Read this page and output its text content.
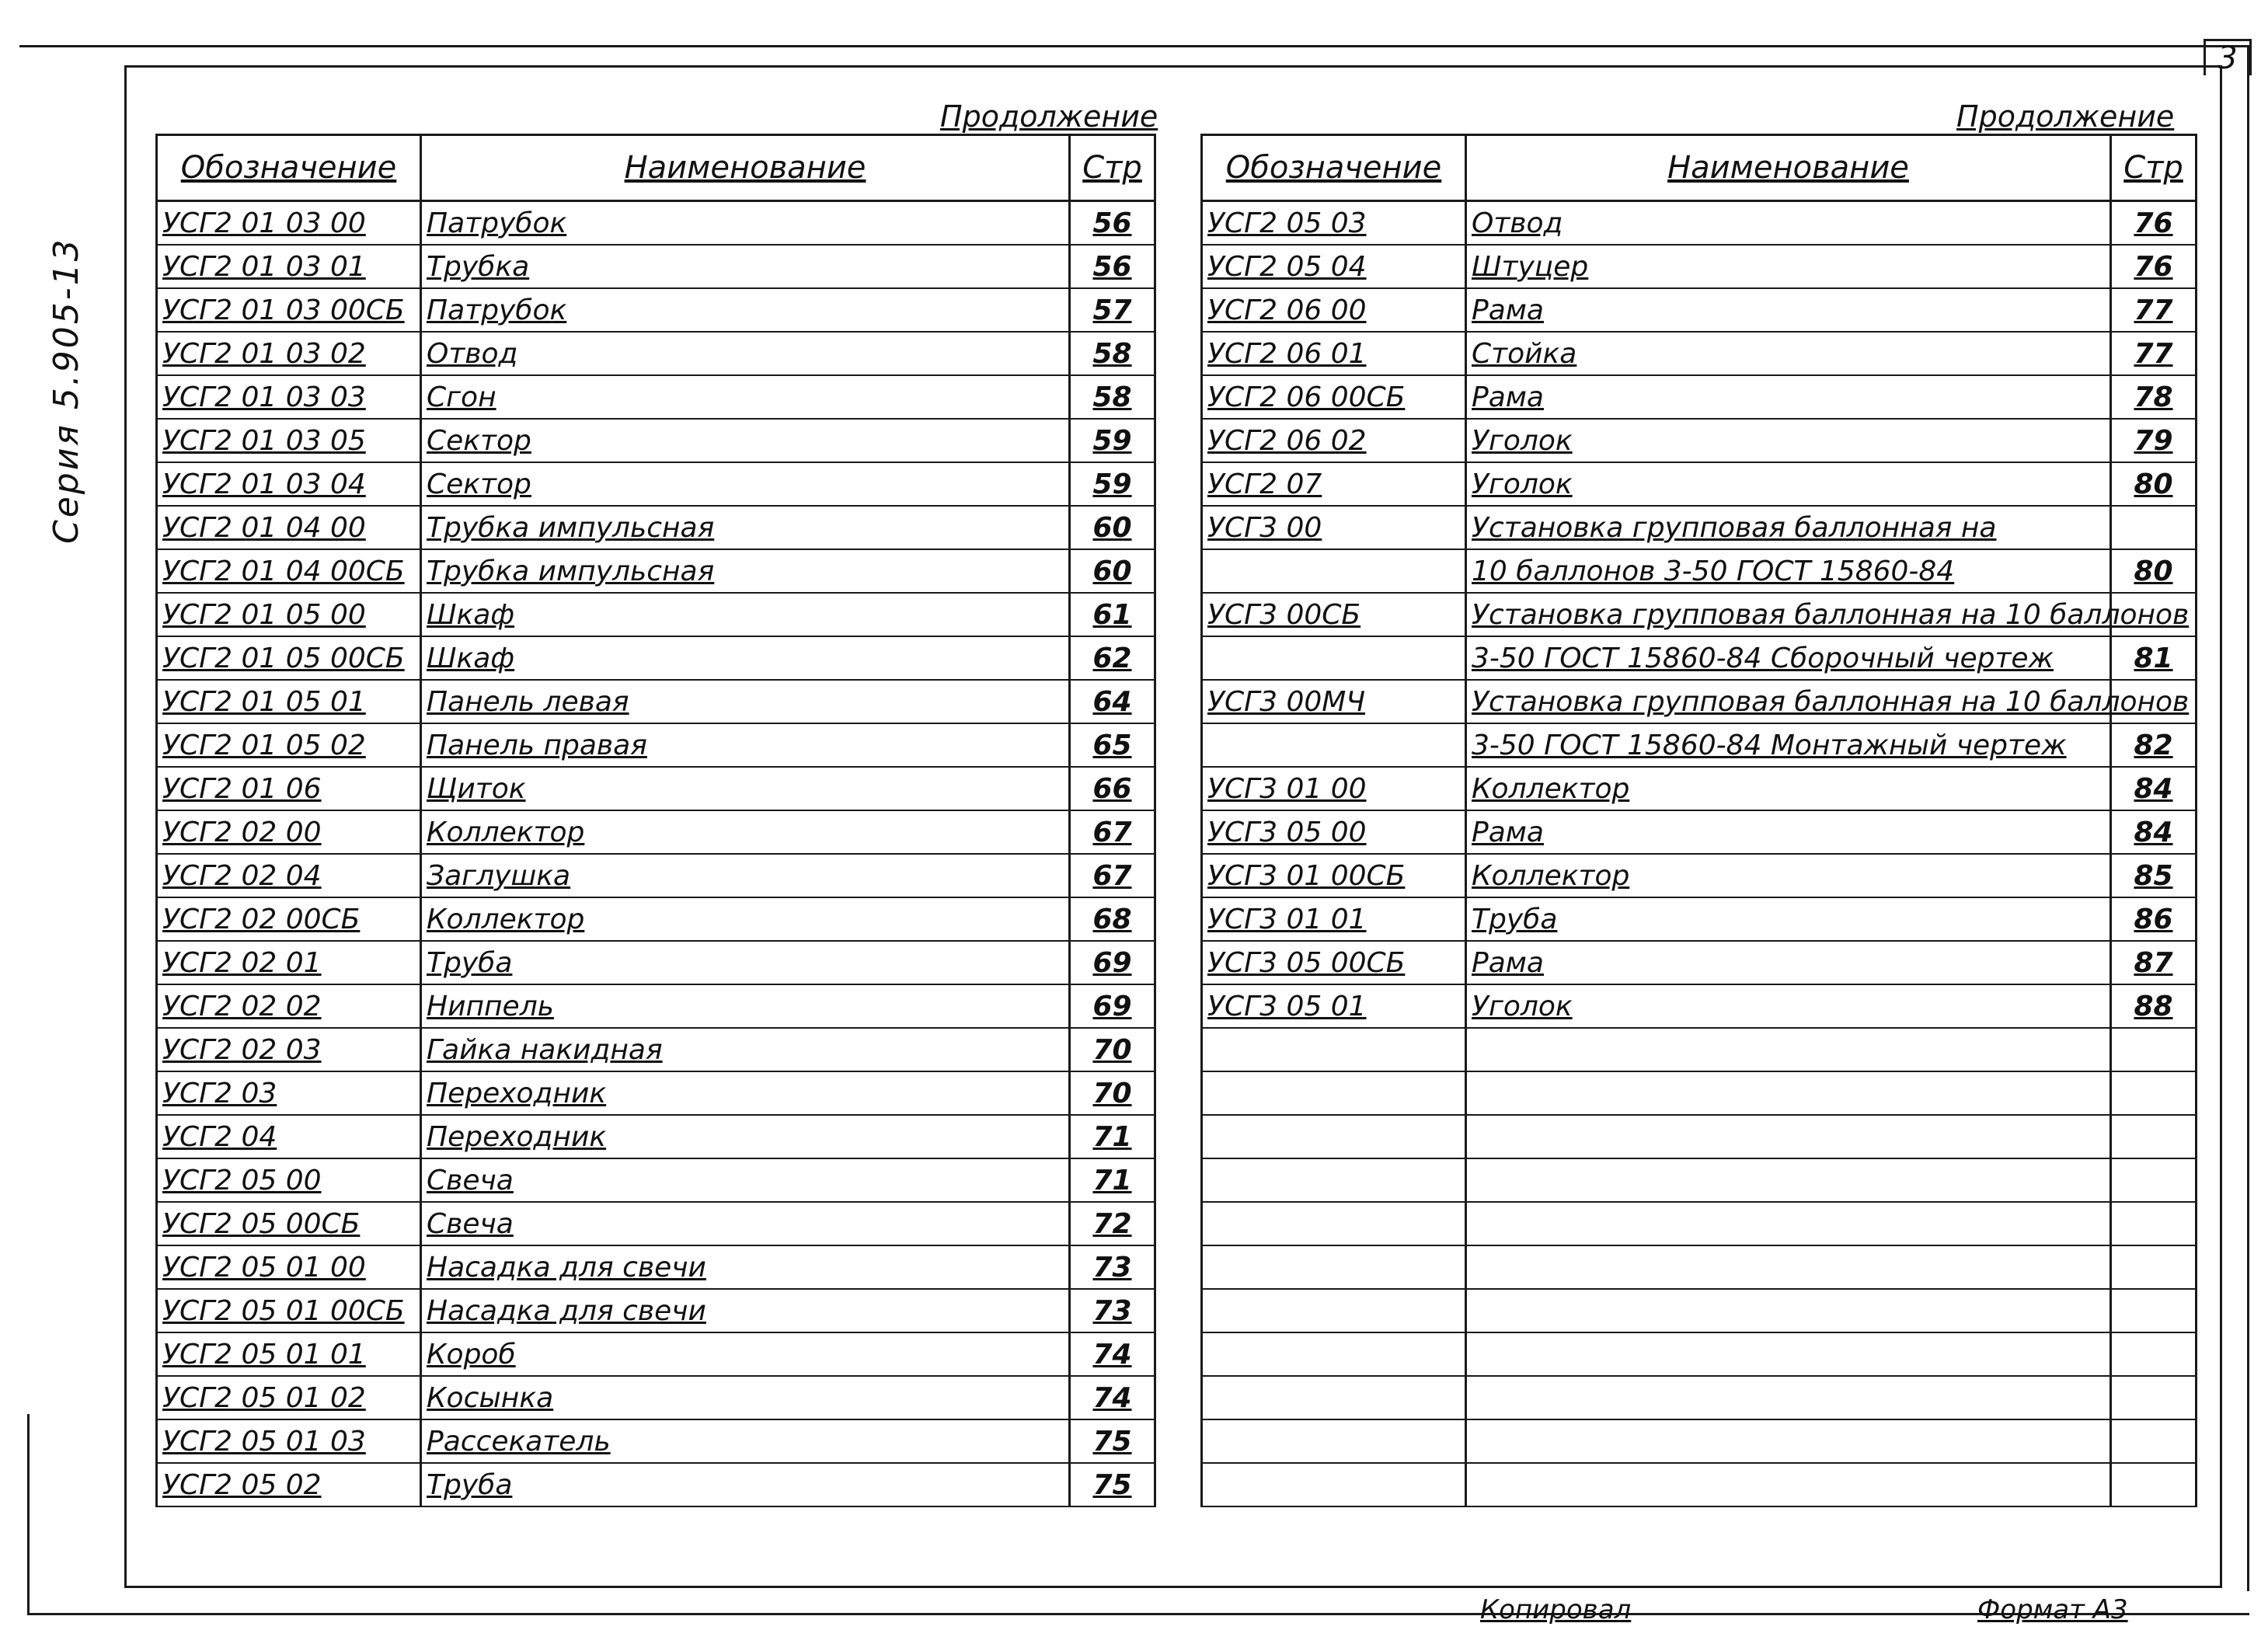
3
Серия 5.905-13
Продолжение	Продолжение
Обозначение	Наименование	Стр
УСГ2 01 03 00	Патрубок	56
УСГ2 01 03 01	Трубка	56
УСГ2 01 03 00СБ	Патрубок	57
УСГ2 01 03 02	Отвод	58
УСГ2 01 03 03	Сгон	58
УСГ2 01 03 05	Сектор	59
УСГ2 01 03 04	Сектор	59
УСГ2 01 04 00	Трубка импульсная	60
УСГ2 01 04 00СБ	Трубка импульсная	60
УСГ2 01 05 00	Шкаф	61
УСГ2 01 05 00СБ	Шкаф	62
УСГ2 01 05 01	Панель левая	64
УСГ2 01 05 02	Панель правая	65
УСГ2 01 06	Щиток	66
УСГ2 02 00	Коллектор	67
УСГ2 02 04	Заглушка	67
УСГ2 02 00СБ	Коллектор	68
УСГ2 02 01	Труба	69
УСГ2 02 02	Ниппель	69
УСГ2 02 03	Гайка накидная	70
УСГ2 03	Переходник	70
УСГ2 04	Переходник	71
УСГ2 05 00	Свеча	71
УСГ2 05 00СБ	Свеча	72
УСГ2 05 01 00	Насадка для свечи	73
УСГ2 05 01 00СБ	Насадка для свечи	73
УСГ2 05 01 01	Короб	74
УСГ2 05 01 02	Косынка	74
УСГ2 05 01 03	Рассекатель	75
УСГ2 05 02	Труба	75
Обозначение	Наименование	Стр
УСГ2 05 03	Отвод	76
УСГ2 05 04	Штуцер	76
УСГ2 06 00	Рама	77
УСГ2 06 01	Стойка	77
УСГ2 06 00СБ	Рама	78
УСГ2 06 02	Уголок	79
УСГ2 07	Уголок	80
УСГ3 00	Установка групповая баллонная на	
	10 баллонов 3-50 ГОСТ 15860-84	80
УСГ3 00СБ	Установка групповая баллонная на 10 баллонов	
	3-50 ГОСТ 15860-84 Сборочный чертеж	81
УСГ3 00МЧ	Установка групповая баллонная на 10 баллонов	
	3-50 ГОСТ 15860-84 Монтажный чертеж	82
УСГ3 01 00	Коллектор	84
УСГ3 05 00	Рама	84
УСГ3 01 00СБ	Коллектор	85
УСГ3 01 01	Труба	86
УСГ3 05 00СБ	Рама	87
УСГ3 05 01	Уголок	88

Копировал	Формат А3
